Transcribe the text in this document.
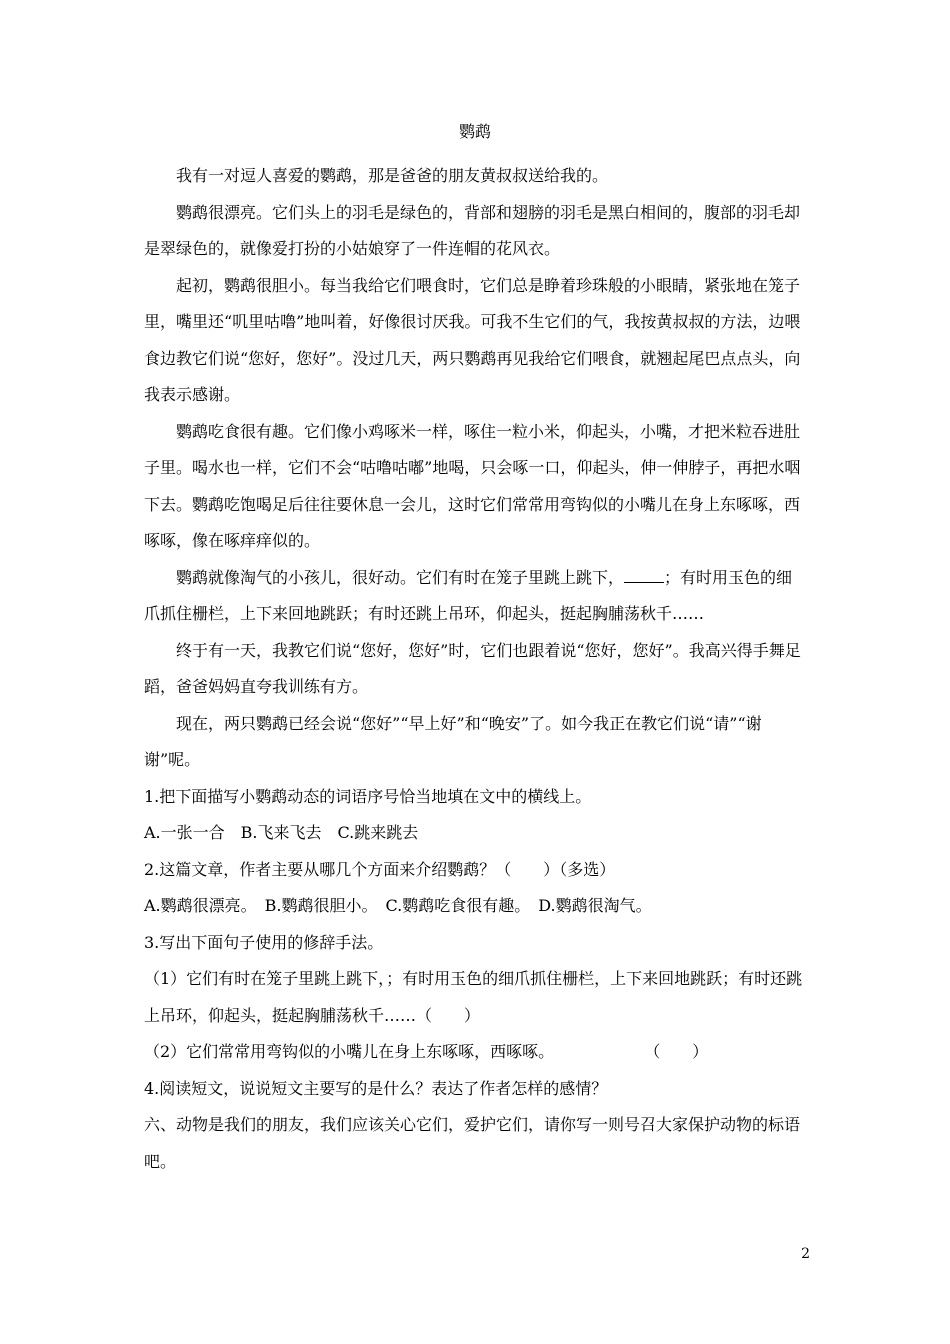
鹦鹉

我有一对逗人喜爱的鹦鹉，那是爸爸的朋友黄叔叔送给我的。

鹦鹉很漂亮。它们头上的羽毛是绿色的，背部和翅膀的羽毛是黑白相间的，腹部的羽毛却是翠绿色的，就像爱打扮的小姑娘穿了一件连帽的花风衣。

起初，鹦鹉很胆小。每当我给它们喂食时，它们总是睁着珍珠般的小眼睛，紧张地在笼子里，嘴里还“叽里咕噜”地叫着，好像很讨厌我。可我不生它们的气，我按黄叔叔的方法，边喂食边教它们说“您好，您好”。没过几天，两只鹦鹉再见我给它们喂食，就翘起尾巴点点头，向我表示感谢。

鹦鹉吃食很有趣。它们像小鸡啄米一样，啄住一粒小米，仰起头，小嘴，才把米粒吞进肚子里。喝水也一样，它们不会“咕噜咕嘟”地喝，只会啄一口，仰起头，伸一伸脖子，再把水咽下去。鹦鹉吃饱喝足后往往要休息一会儿，这时它们常常用弯钩似的小嘴儿在身上东啄啄，西啄啄，像在啄痒痒似的。

鹦鹉就像淘气的小孩儿，很好动。它们有时在笼子里跳上跳下，	；有时用玉色的细爪抓住栅栏，上下来回地跳跃；有时还跳上吊环，仰起头，挺起胸脯荡秋千……

终于有一天，我教它们说“您好，您好”时，它们也跟着说“您好，您好”。我高兴得手舞足蹈，爸爸妈妈直夸我训练有方。

现在，两只鹦鹉已经会说“您好”“早上好”和“晚安”了。如今我正在教它们说“请”“谢谢”呢。

1.把下面描写小鹦鹉动态的词语序号恰当地填在文中的横线上。

A.一张一合　B.飞来飞去　C.跳来跳去

2.这篇文章，作者主要从哪几个方面来介绍鹦鹉？（　　）（多选）

A.鹦鹉很漂亮。　B.鹦鹉很胆小。　C.鹦鹉吃食很有趣。　D.鹦鹉很淘气。

3.写出下面句子使用的修辞手法。

（1）它们有时在笼子里跳上跳下，；有时用玉色的细爪抓住栅栏，上下来回地跳跃；有时还跳上吊环，仰起头，挺起胸脯荡秋千……（　　）

（2）它们常常用弯钩似的小嘴儿在身上东啄啄，西啄啄。	（　　）

4.阅读短文，说说短文主要写的是什么？表达了作者怎样的感情？

六、动物是我们的朋友，我们应该关心它们，爱护它们，请你写一则号召大家保护动物的标语吧。

2
